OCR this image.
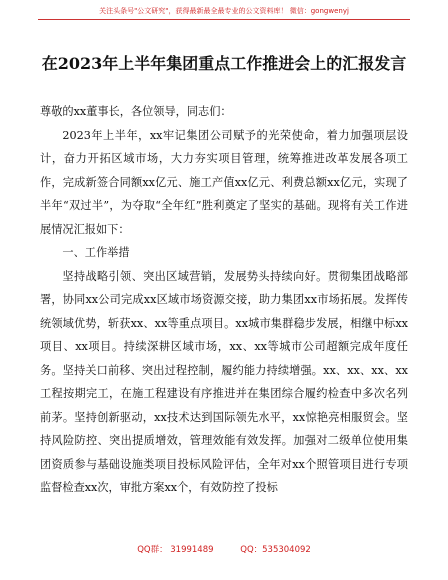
关注头条号"公文研究"，获得最新最全最专业的公文资料库！ 微信：gongwenyj
在2023年上半年集团重点工作推进会上的汇报发言

尊敬的xx董事长，各位领导，同志们：

2023年上半年，xx牢记集团公司赋予的光荣使命，着力加强项层设计，奋力开拓区域市场，大力夯实项目管理，统筹推进改革发展各项工作，完成新签合同额xx亿元、施工产值xx亿元、利费总额xx亿元，实现了半年“双过半”，为夺取“全年红”胜利奠定了坚实的基础。现将有关工作进展情况汇报如下：

一、工作举措

坚持战略引领、突出区域营销，发展势头持续向好。贯彻集团战略部署，协同xx公司完成xx区域市场资源交接，助力集团xx市场拓展。发挥传统领域优势，斩获xx、xx等重点项目。xx城市集群稳步发展，相继中标xx项目、xx项目。持续深耕区域市场，xx、xx等城市公司超额完成年度任务。坚持关口前移、突出过程控制，履约能力持续增强。xx、xx、xx、xx工程按期完工，在施工程建设有序推进并在集团综合履约检查中多次名列前茅。坚持创新驱动，xx技术达到国际领先水平，xx惊艳亮相服贸会。坚持风险防控、突出提质增效，管理效能有效发挥。加强对二级单位使用集团资质参与基础设施类项目投标风险评估，全年对xx个照管项目进行专项监督检查xx次，审批方案xx个，有效防控了投标

QQ群： 31991489	QQ：535304092
